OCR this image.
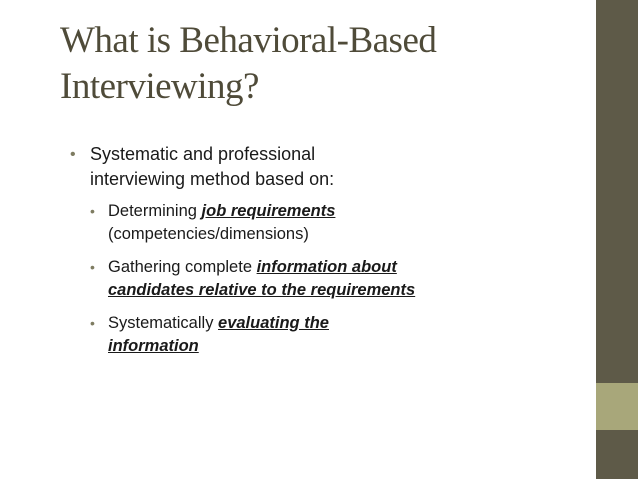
What is Behavioral-Based
Interviewing?
• Systematic and professional
interviewing method based on:
• Determining job requirements
(competencies/dimensions)
• Gathering complete information about
candidates relative to the requirements
• Systematically evaluating the
information
